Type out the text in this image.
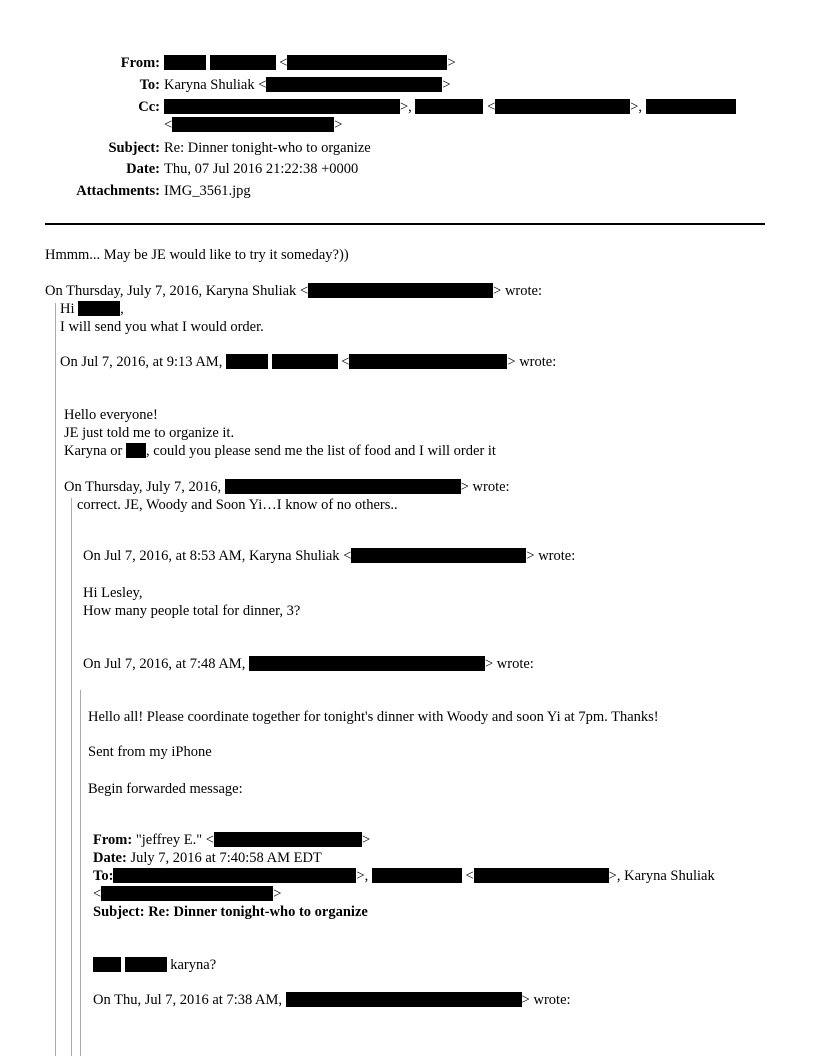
From:	<	>
To: Karyna Shuliak <	>
Cc:	>,	<	>,
<	>
Subject: Re: Dinner tonight-who to organize
Date: Thu, 07 Jul 2016 21:22:38 +0000
Attachments: IMG_3561.jpg
Hmmm... May be JE would like to try it someday?))
On Thursday, July 7, 2016, Karyna Shuliak <	> wrote:
Hi	,
I will send you what I would order.
On Jul 7, 2016, at 9:13 AM,	<	> wrote:
Hello everyone!
JE just told me to organize it.
Karyna or , could you please send me the list of food and I will order it
On Thursday, July 7, 2016,	> wrote:
correct. JE, Woody and Soon Yi…I know of no others..
On Jul 7, 2016, at 8:53 AM, Karyna Shuliak <	> wrote:
Hi Lesley,
How many people total for dinner, 3?
On Jul 7, 2016, at 7:48 AM,	> wrote:
Hello all! Please coordinate together for tonight's dinner with Woody and soon Yi at 7pm. Thanks!
Sent from my iPhone
Begin forwarded message:
From: "jeffrey E." <	>
Date: July 7, 2016 at 7:40:58 AM EDT
To:	>,	<	>, Karyna Shuliak
<	>
Subject: Re: Dinner tonight-who to organize
karyna?
On Thu, Jul 7, 2016 at 7:38 AM,	> wrote:
